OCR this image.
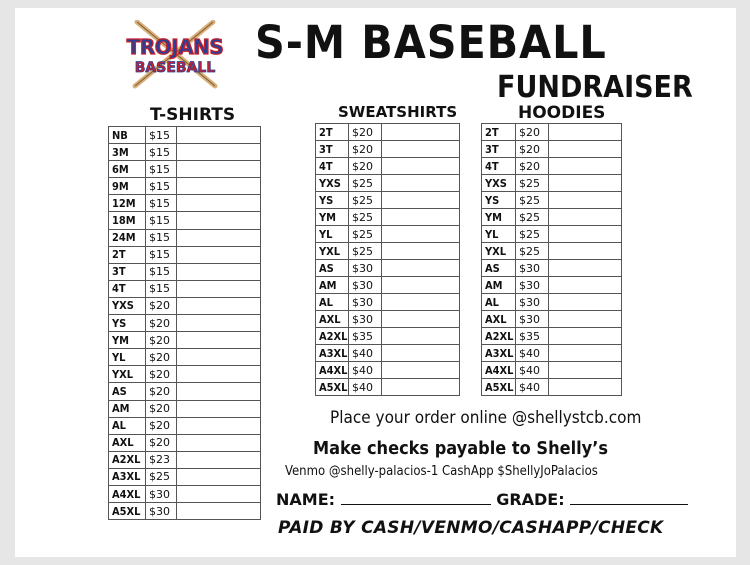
TROJANS
BASEBALL S-M BASEBALL
FUNDRAISER
T-SHIRTS	SWEATSHIRTS	HOODIES
NB	$15	
3M	$15	
6M	$15	
9M	$15	
12M	$15	
18M	$15	
24M	$15	
2T	$15	
3T	$15	
4T	$15	
YXS	$20	
YS	$20	
YM	$20	
YL	$20	
YXL	$20	
AS	$20	
AM	$20	
AL	$20	
AXL	$20	
A2XL	$23	
A3XL	$25	
A4XL	$30	
A5XL	$30	
2T	$20	
3T	$20	
4T	$20	
YXS	$25	
YS	$25	
YM	$25	
YL	$25	
YXL	$25	
AS	$30	
AM	$30	
AL	$30	
AXL	$30	
A2XL	$35	
A3XL	$40	
A4XL	$40	
A5XL	$40	
2T	$20	
3T	$20	
4T	$20	
YXS	$25	
YS	$25	
YM	$25	
YL	$25	
YXL	$25	
AS	$30	
AM	$30	
AL	$30	
AXL	$30	
A2XL	$35	
A3XL	$40	
A4XL	$40	
A5XL	$40	
Place your order online @shellystcb.com
Make checks payable to Shelly’s
Venmo @shelly-palacios-1 CashApp $ShellyJoPalacios
NAME:	GRADE:
PAID BY CASH/VENMO/CASHAPP/CHECK
